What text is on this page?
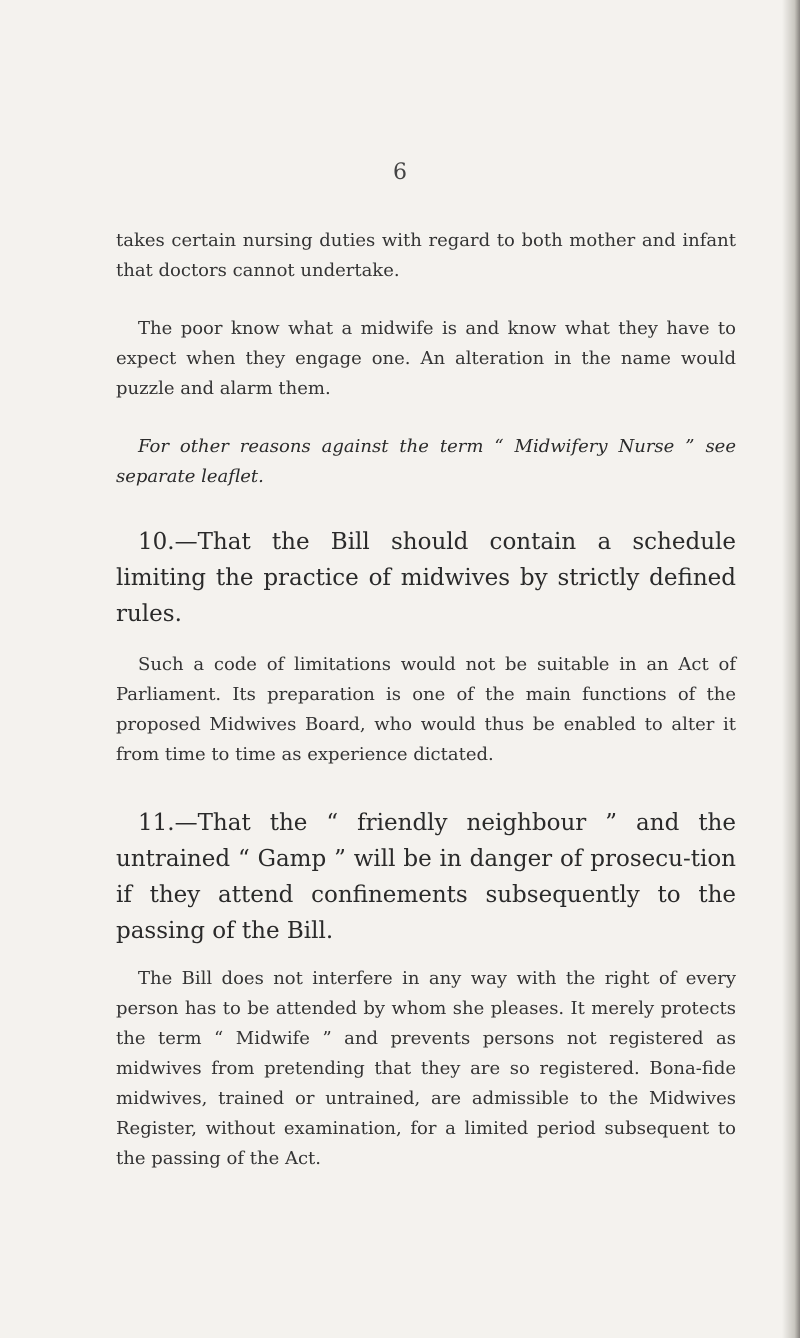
6

takes certain nursing duties with regard to both mother and infant that doctors cannot undertake.

The poor know what a midwife is and know what they have to expect when they engage one. An alteration in the name would puzzle and alarm them.

For other reasons against the term “ Midwifery Nurse ” see separate leaflet.

10.—That the Bill should contain a schedule limiting the practice of midwives by strictly defined rules.

Such a code of limitations would not be suitable in an Act of Parliament. Its preparation is one of the main functions of the proposed Midwives Board, who would thus be enabled to alter it from time to time as experience dictated.

11.—That the “ friendly neighbour ” and the untrained “ Gamp ” will be in danger of prosecu-tion if they attend confinements subsequently to the passing of the Bill.

The Bill does not interfere in any way with the right of every person has to be attended by whom she pleases. It merely protects the term “ Midwife ” and prevents persons not registered as midwives from pretending that they are so registered. Bona-fide midwives, trained or untrained, are admissible to the Midwives Register, without examination, for a limited period subsequent to the passing of the Act.
